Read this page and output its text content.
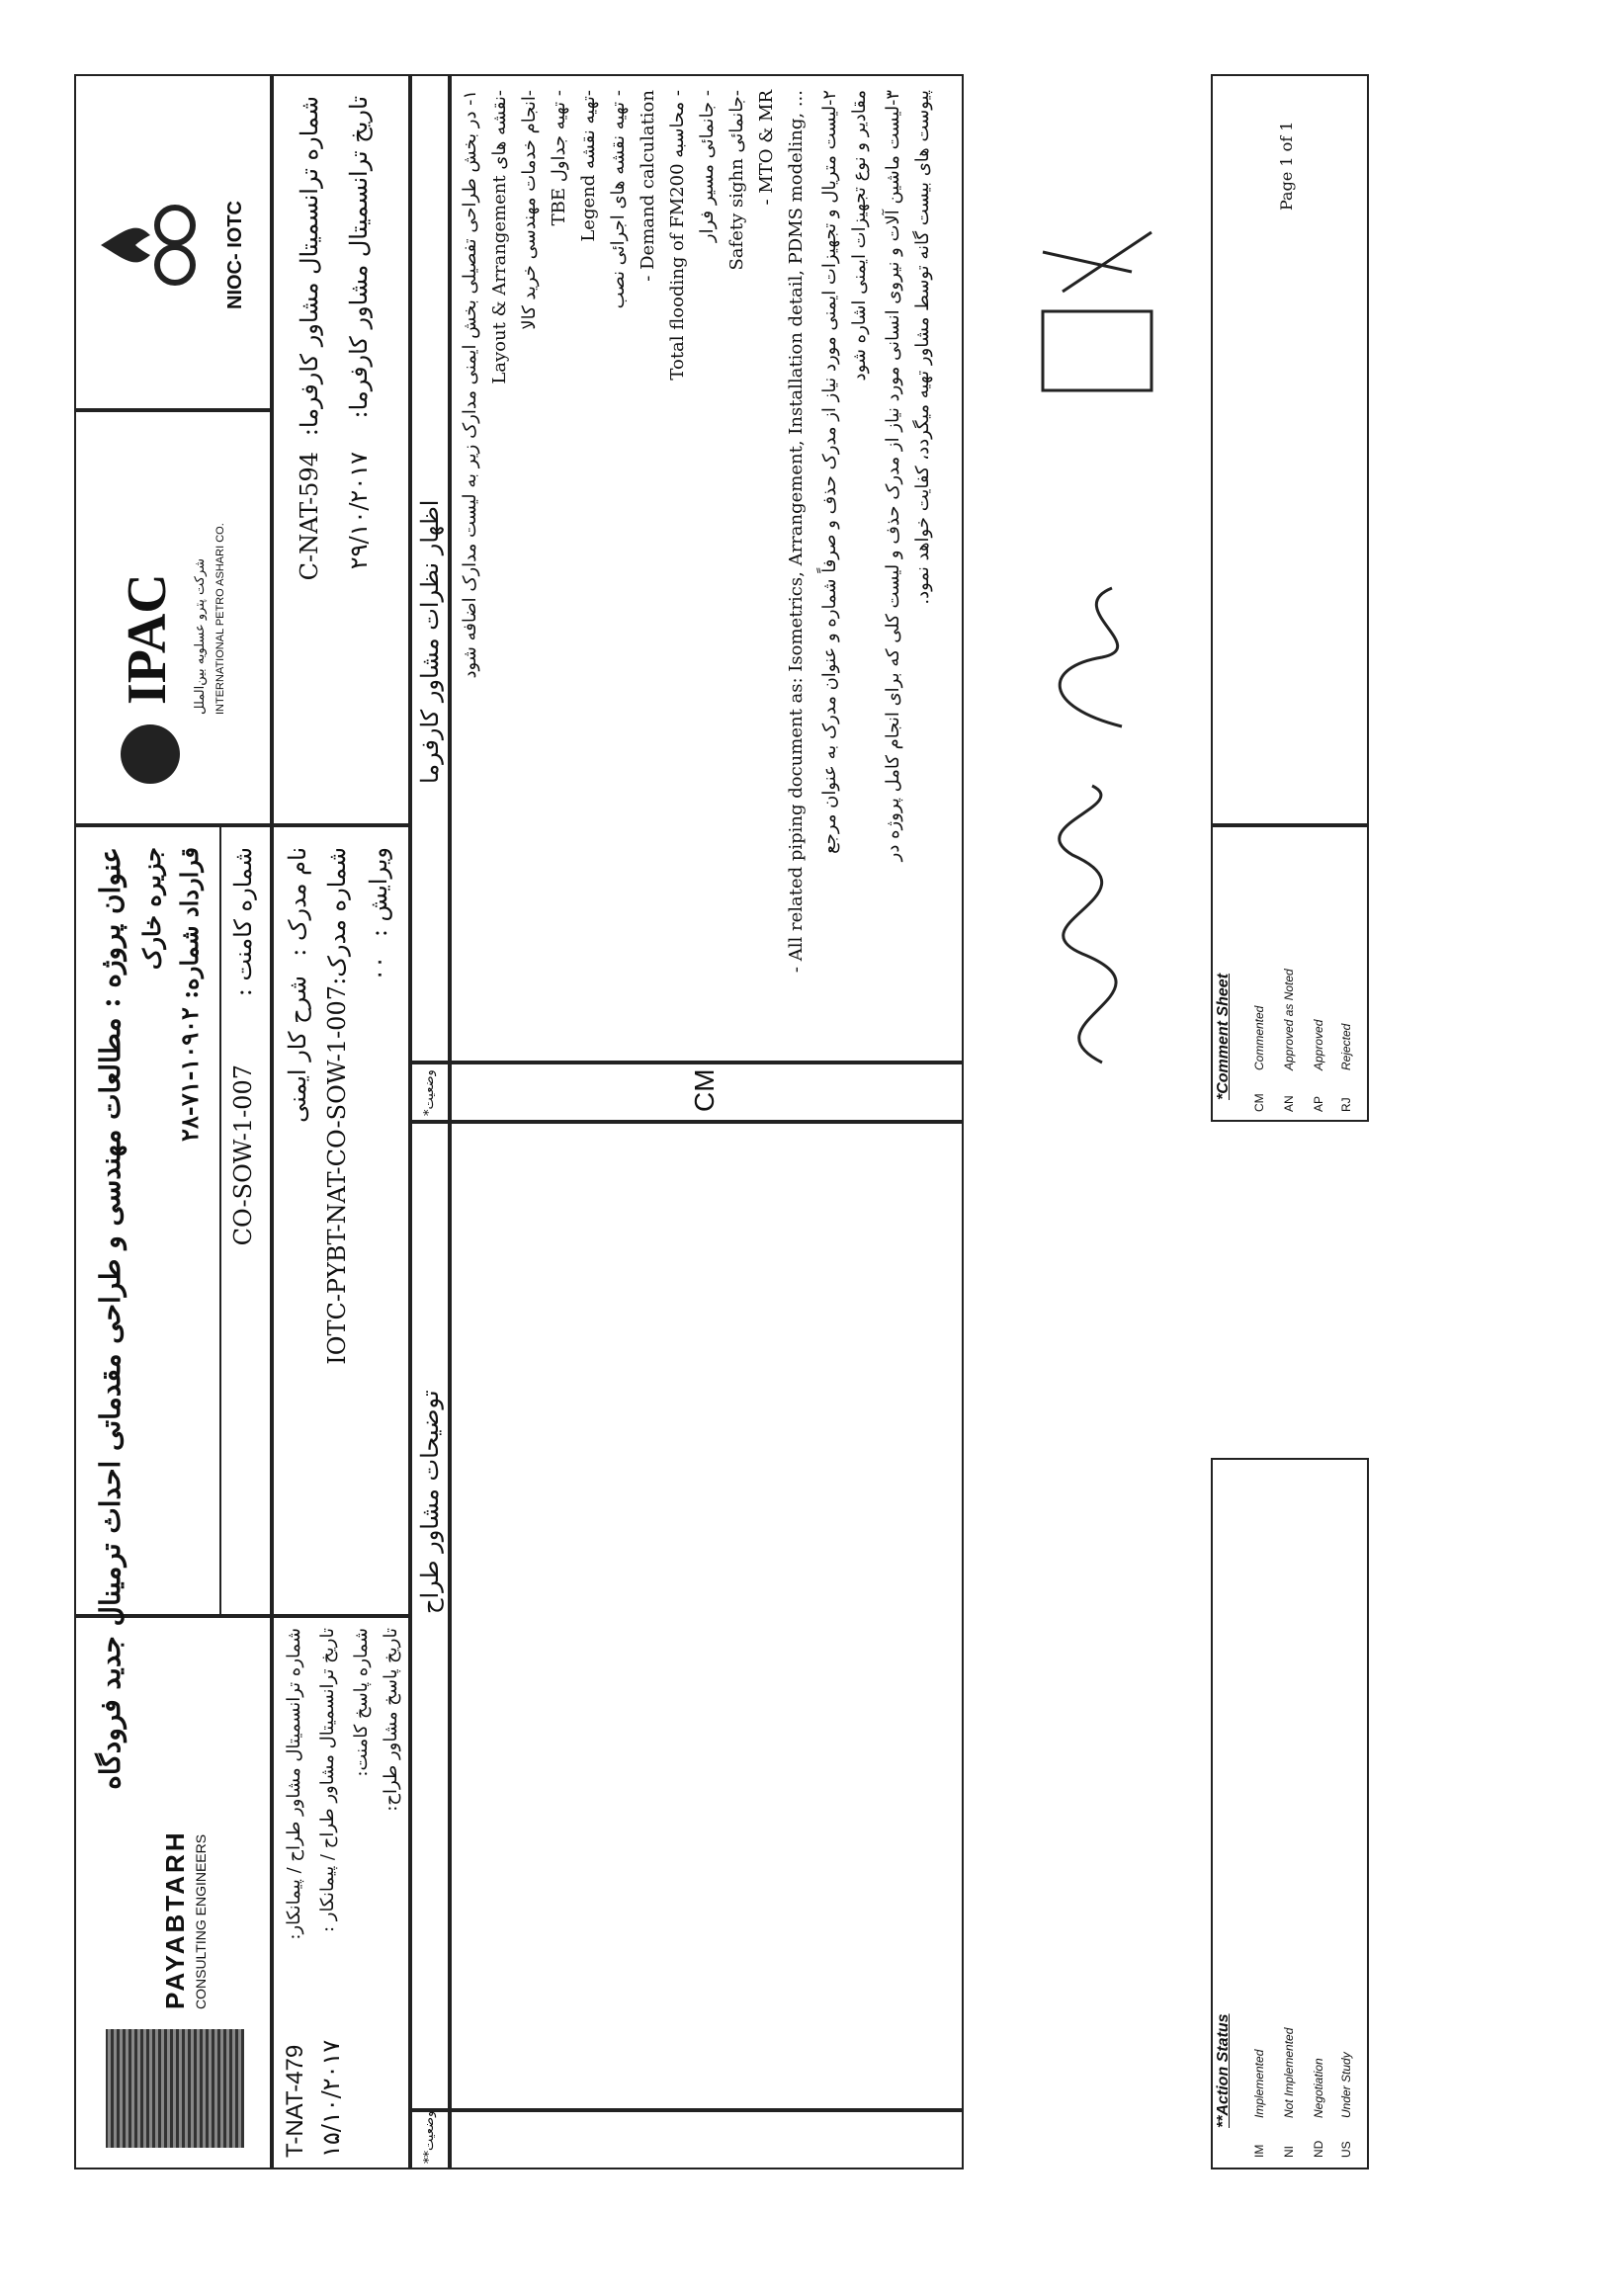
PAYABTARH CONSULTING ENGINEERS
عنوان پروژه : مطالعات مهندسی و طراحی مقدماتی احداث ترمینال جدید فرودگاه جزیره خارک
قرارداد شماره: ۱۰۹۰۲-۷۱-۲۸ شماره کامنت :
CO-SOW-1-007
IPAC شرکت پترو عسلویه بین‌الملل INTERNATIONAL PETRO ASHARI CO.
NIOC- IOTC
T-NAT-479
شماره ترانسمیتال مشاور طراح / پیمانکار:
۱۵/۱۰/۲۰۱۷
تاریخ ترانسمیتال مشاور طراح / پیمانکار : شماره پاسخ کامنت: تاریخ پاسخ مشاور طراح:
نام مدرک :
شرح کار ایمنی
شماره مدرک:
IOTC-PYBT-NAT-CO-SOW-1-007
ویرایش :
۰۰
شماره ترانسمیتال مشاور کارفرما:
C-NAT-594
تاریخ ترانسمیتال مشاور کارفرما:
۲۹/۱۰/۲۰۱۷
وضعیت**
توضیحات مشاور طراح
وضعیت*
اظهار نظرات مشاور کارفرما
CM
۱- در بخش طراحی تفصیلی بخش ایمنی مدارک زیر به لیست مدارک اضافه شود
-نقشه های Layout & Arrangement -انجام خدمات مهندسی خرید کالا - تهیه جداول TBE
-تهیه نقشه Legend - تهیه نقشه های اجرائی نصب - Demand calculation - محاسبه Total flooding of FM200 - جانمائی مسیر فرار -جانمائی Safety sighn - MTO & MR - All related piping document as: Isometrics, Arrangement, Installation detail, PDMS modeling, ... ۲-لیست متریال و تجهیزات ایمنی مورد نیاز از مدرک حذف و صرفاً شماره و عنوان مدرک به عنوان مرجع مقادیر و نوع تجهیزات ایمنی اشاره شود ۳-لیست ماشین آلات و نیروی انسانی مورد نیاز از مدرک حذف و لیست کلی که برای انجام کامل پروژه در پیوست های بیست گانه توسط مشاور تهیه میگردد، کفایت خواهد نمود.
**Action Status
IM
Implemented
NI
Not Implemented
ND
Negotiation
US
Under Study
*Comment Sheet
CM
Commented
AN
Approved as Noted
AP
Approved
RJ
Rejected
Page 1 of 1
